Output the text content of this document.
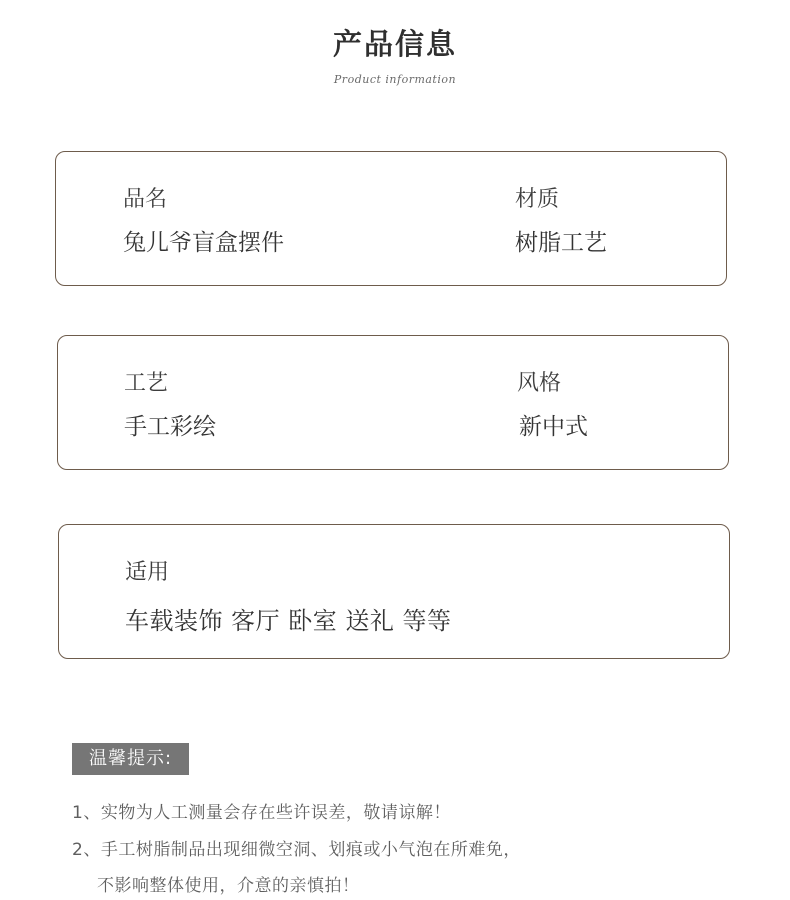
产品信息
Product information
品名
兔儿爷盲盒摆件
材质
树脂工艺
工艺
手工彩绘
风格
新中式
适用
车载装饰 客厅 卧室 送礼 等等
温馨提示:
1、实物为人工测量会存在些许误差，敬请谅解！
2、手工树脂制品出现细微空洞、划痕或小气泡在所难免，
不影响整体使用，介意的亲慎拍！
